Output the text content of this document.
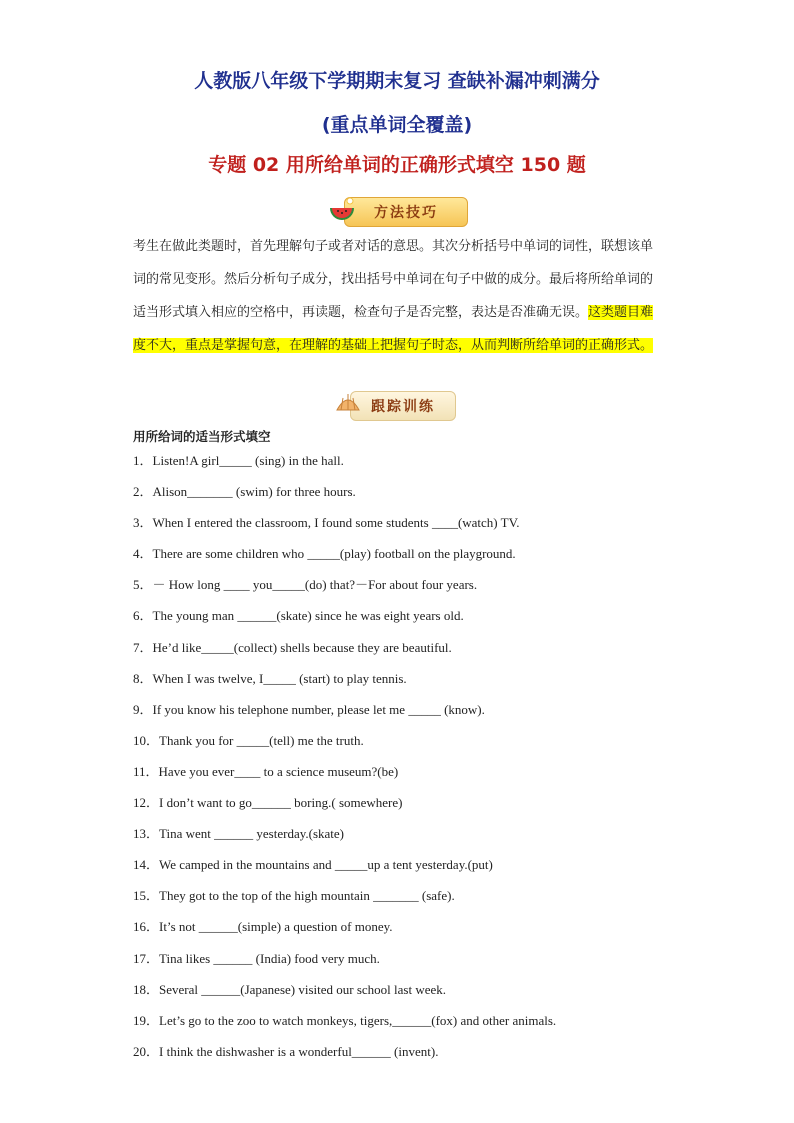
人教版八年级下学期期末复习 查缺补漏冲刺满分
(重点单词全覆盖)
专题 02 用所给单词的正确形式填空 150 题
方法技巧
考生在做此类题时，首先理解句子或者对话的意思。其次分析括号中单词的词性，联想该单词的常见变形。然后分析句子成分，找出括号中单词在句子中做的成分。最后将所给单词的适当形式填入相应的空格中，再读题，检查句子是否完整，表达是否准确无误。这类题目难度不大，重点是掌握句意，在理解的基础上把握句子时态，从而判断所给单词的正确形式。
跟踪训练
用所给词的适当形式填空
1．Listen!A girl_____ (sing) in the hall.
2．Alison_______ (swim) for three hours.
3．When I entered the classroom, I found some students ____(watch) TV.
4．There are some children who _____(play) football on the playground.
5．－ How long ____ you_____(do) that?－For about four years.
6．The young man ______(skate) since he was eight years old.
7．He’d like_____(collect) shells because they are beautiful.
8．When I was twelve, I_____ (start) to play tennis.
9．If you know his telephone number, please let me _____ (know).
10．Thank you for _____(tell) me the truth.
11．Have you ever____ to a science museum?(be)
12．I don’t want to go______ boring.( somewhere)
13．Tina went ______ yesterday.(skate)
14．We camped in the mountains and _____up a tent yesterday.(put)
15．They got to the top of the high mountain _______ (safe).
16．It’s not ______(simple) a question of money.
17．Tina likes ______ (India) food very much.
18．Several ______(Japanese) visited our school last week.
19．Let’s go to the zoo to watch monkeys, tigers,______(fox) and other animals.
20．I think the dishwasher is a wonderful______ (invent).
